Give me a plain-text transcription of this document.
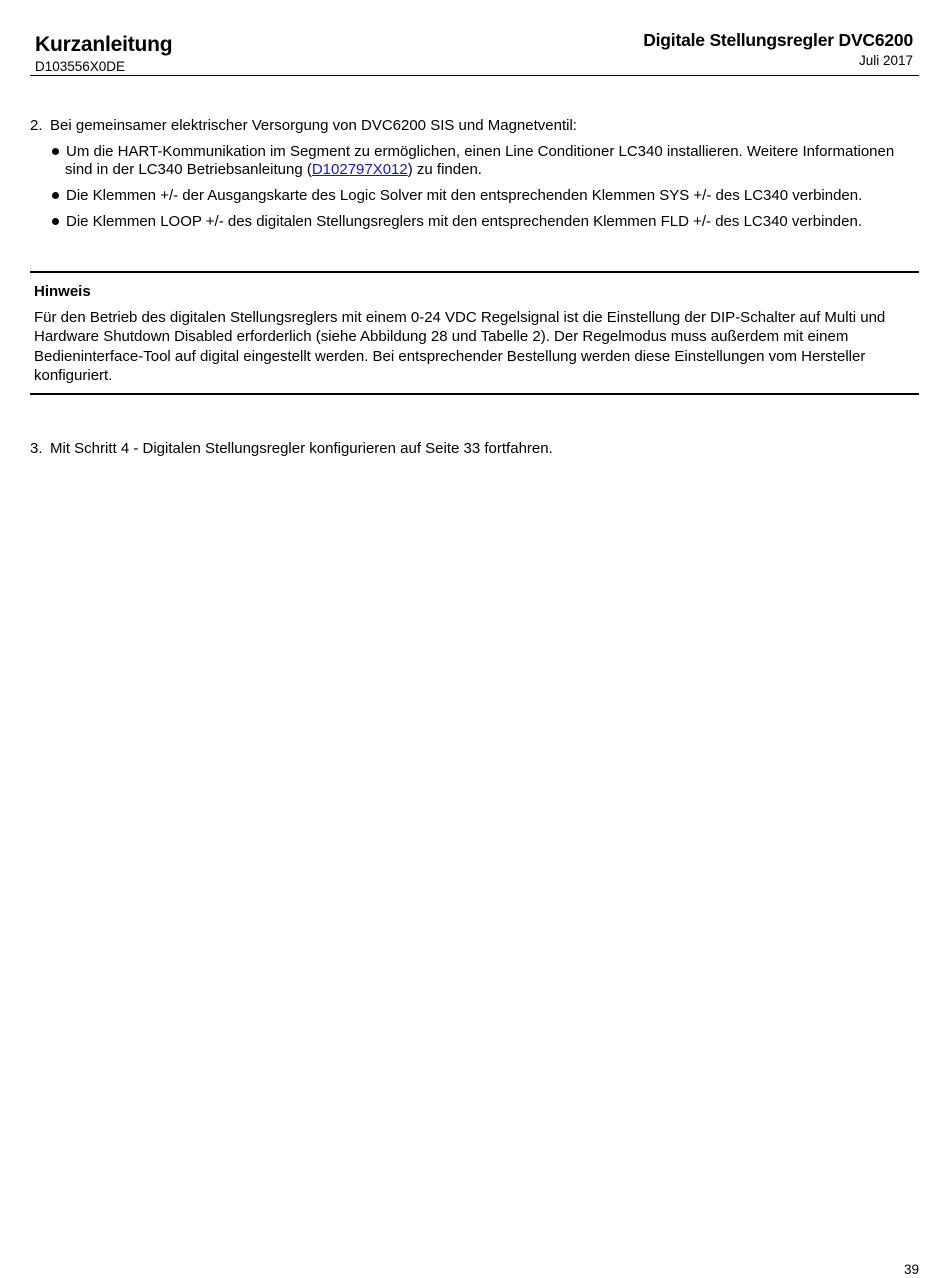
Kurzanleitung
D103556X0DE
Digitale Stellungsregler DVC6200
Juli 2017
2. Bei gemeinsamer elektrischer Versorgung von DVC6200 SIS und Magnetventil:
Um die HART-Kommunikation im Segment zu ermöglichen, einen Line Conditioner LC340 installieren. Weitere Informationen
sind in der LC340 Betriebsanleitung (D102797X012) zu finden.
Die Klemmen +/- der Ausgangskarte des Logic Solver mit den entsprechenden Klemmen SYS +/- des LC340 verbinden.
Die Klemmen LOOP +/- des digitalen Stellungsreglers mit den entsprechenden Klemmen FLD +/- des LC340 verbinden.
Hinweis
Für den Betrieb des digitalen Stellungsreglers mit einem 0-24 VDC Regelsignal ist die Einstellung der DIP-Schalter auf Multi und Hardware Shutdown Disabled erforderlich (siehe Abbildung 28 und Tabelle 2). Der Regelmodus muss außerdem mit einem Bedieninterface-Tool auf digital eingestellt werden. Bei entsprechender Bestellung werden diese Einstellungen vom Hersteller konfiguriert.
3. Mit Schritt 4 - Digitalen Stellungsregler konfigurieren auf Seite 33 fortfahren.
39
